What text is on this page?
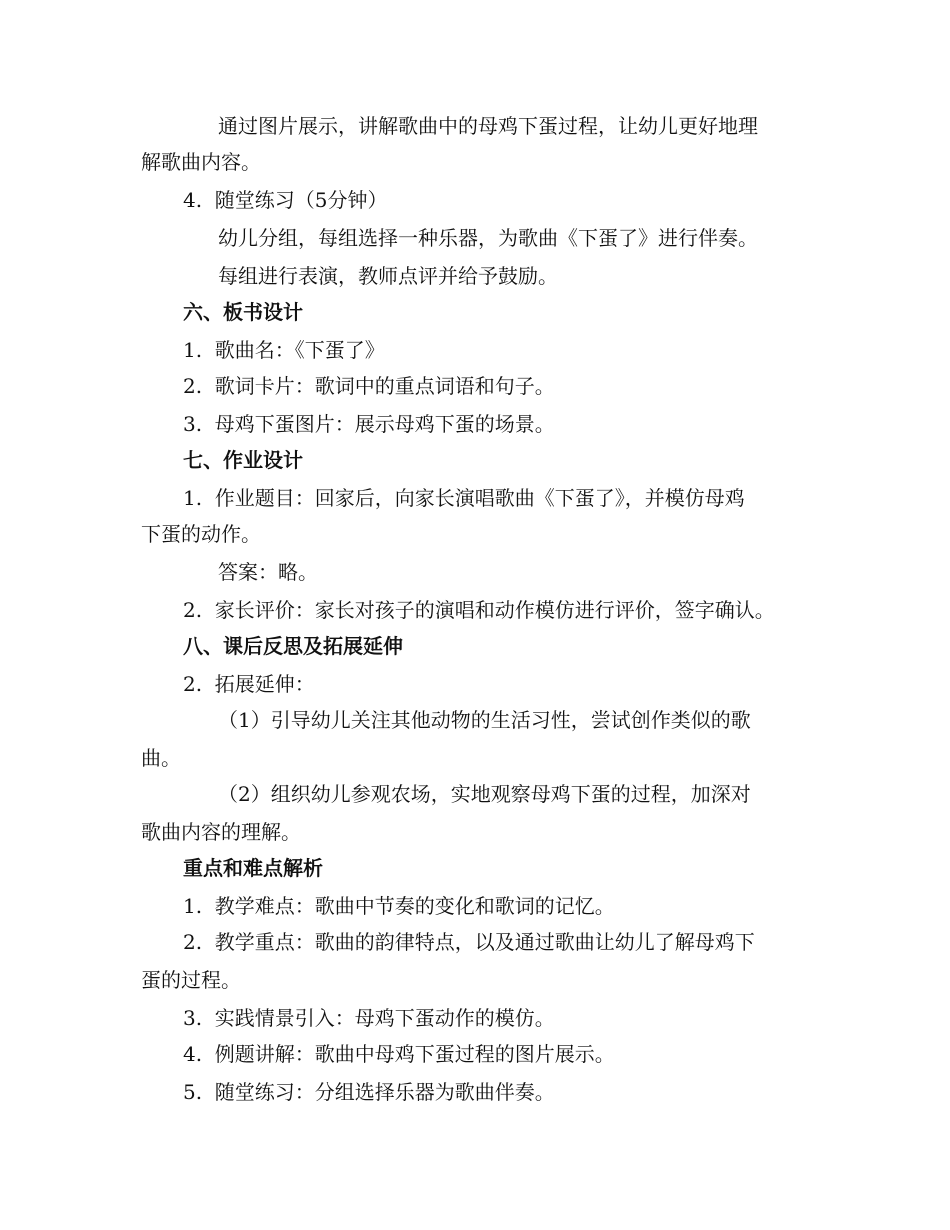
通过图片展示，讲解歌曲中的母鸡下蛋过程，让幼儿更好地理

解歌曲内容。

4.  随堂练习（5分钟）

幼儿分组，每组选择一种乐器，为歌曲《下蛋了》进行伴奏。

每组进行表演，教师点评并给予鼓励。

六、板书设计

1.  歌曲名：《下蛋了》

2.  歌词卡片：歌词中的重点词语和句子。

3.  母鸡下蛋图片：展示母鸡下蛋的场景。

七、作业设计

1.  作业题目：回家后，向家长演唱歌曲《下蛋了》，并模仿母鸡

下蛋的动作。

答案：略。

2.  家长评价：家长对孩子的演唱和动作模仿进行评价，签字确认。

八、课后反思及拓展延伸

2.  拓展延伸：

（1）引导幼儿关注其他动物的生活习性，尝试创作类似的歌

曲。

（2）组织幼儿参观农场，实地观察母鸡下蛋的过程，加深对

歌曲内容的理解。

重点和难点解析

1.  教学难点：歌曲中节奏的变化和歌词的记忆。

2.  教学重点：歌曲的韵律特点，以及通过歌曲让幼儿了解母鸡下

蛋的过程。

3.  实践情景引入：母鸡下蛋动作的模仿。

4.  例题讲解：歌曲中母鸡下蛋过程的图片展示。

5.  随堂练习：分组选择乐器为歌曲伴奏。
